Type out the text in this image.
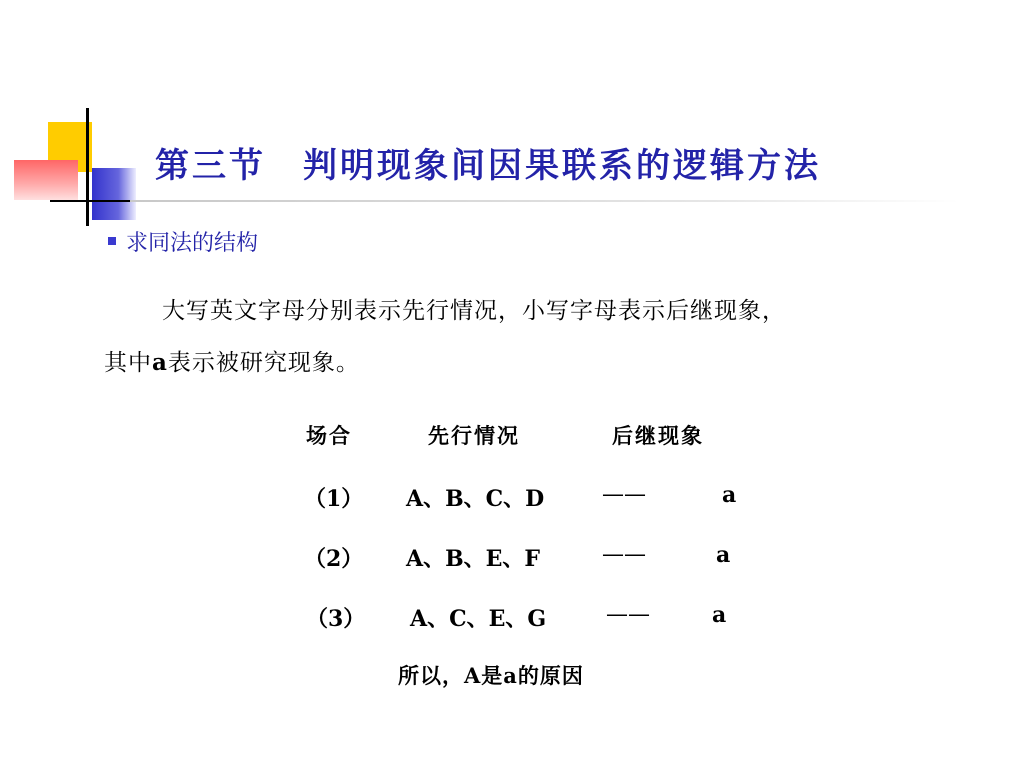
第三节　判明现象间因果联系的逻辑方法
求同法的结构
大写英文字母分别表示先行情况，小写字母表示后继现象，
其中a表示被研究现象。
场合	先行情况	后继现象
（1） A、B、C、D	——	a
（2） A、B、E、F	——	a
（3） A、C、E、G	——	a
所以，A是a的原因
